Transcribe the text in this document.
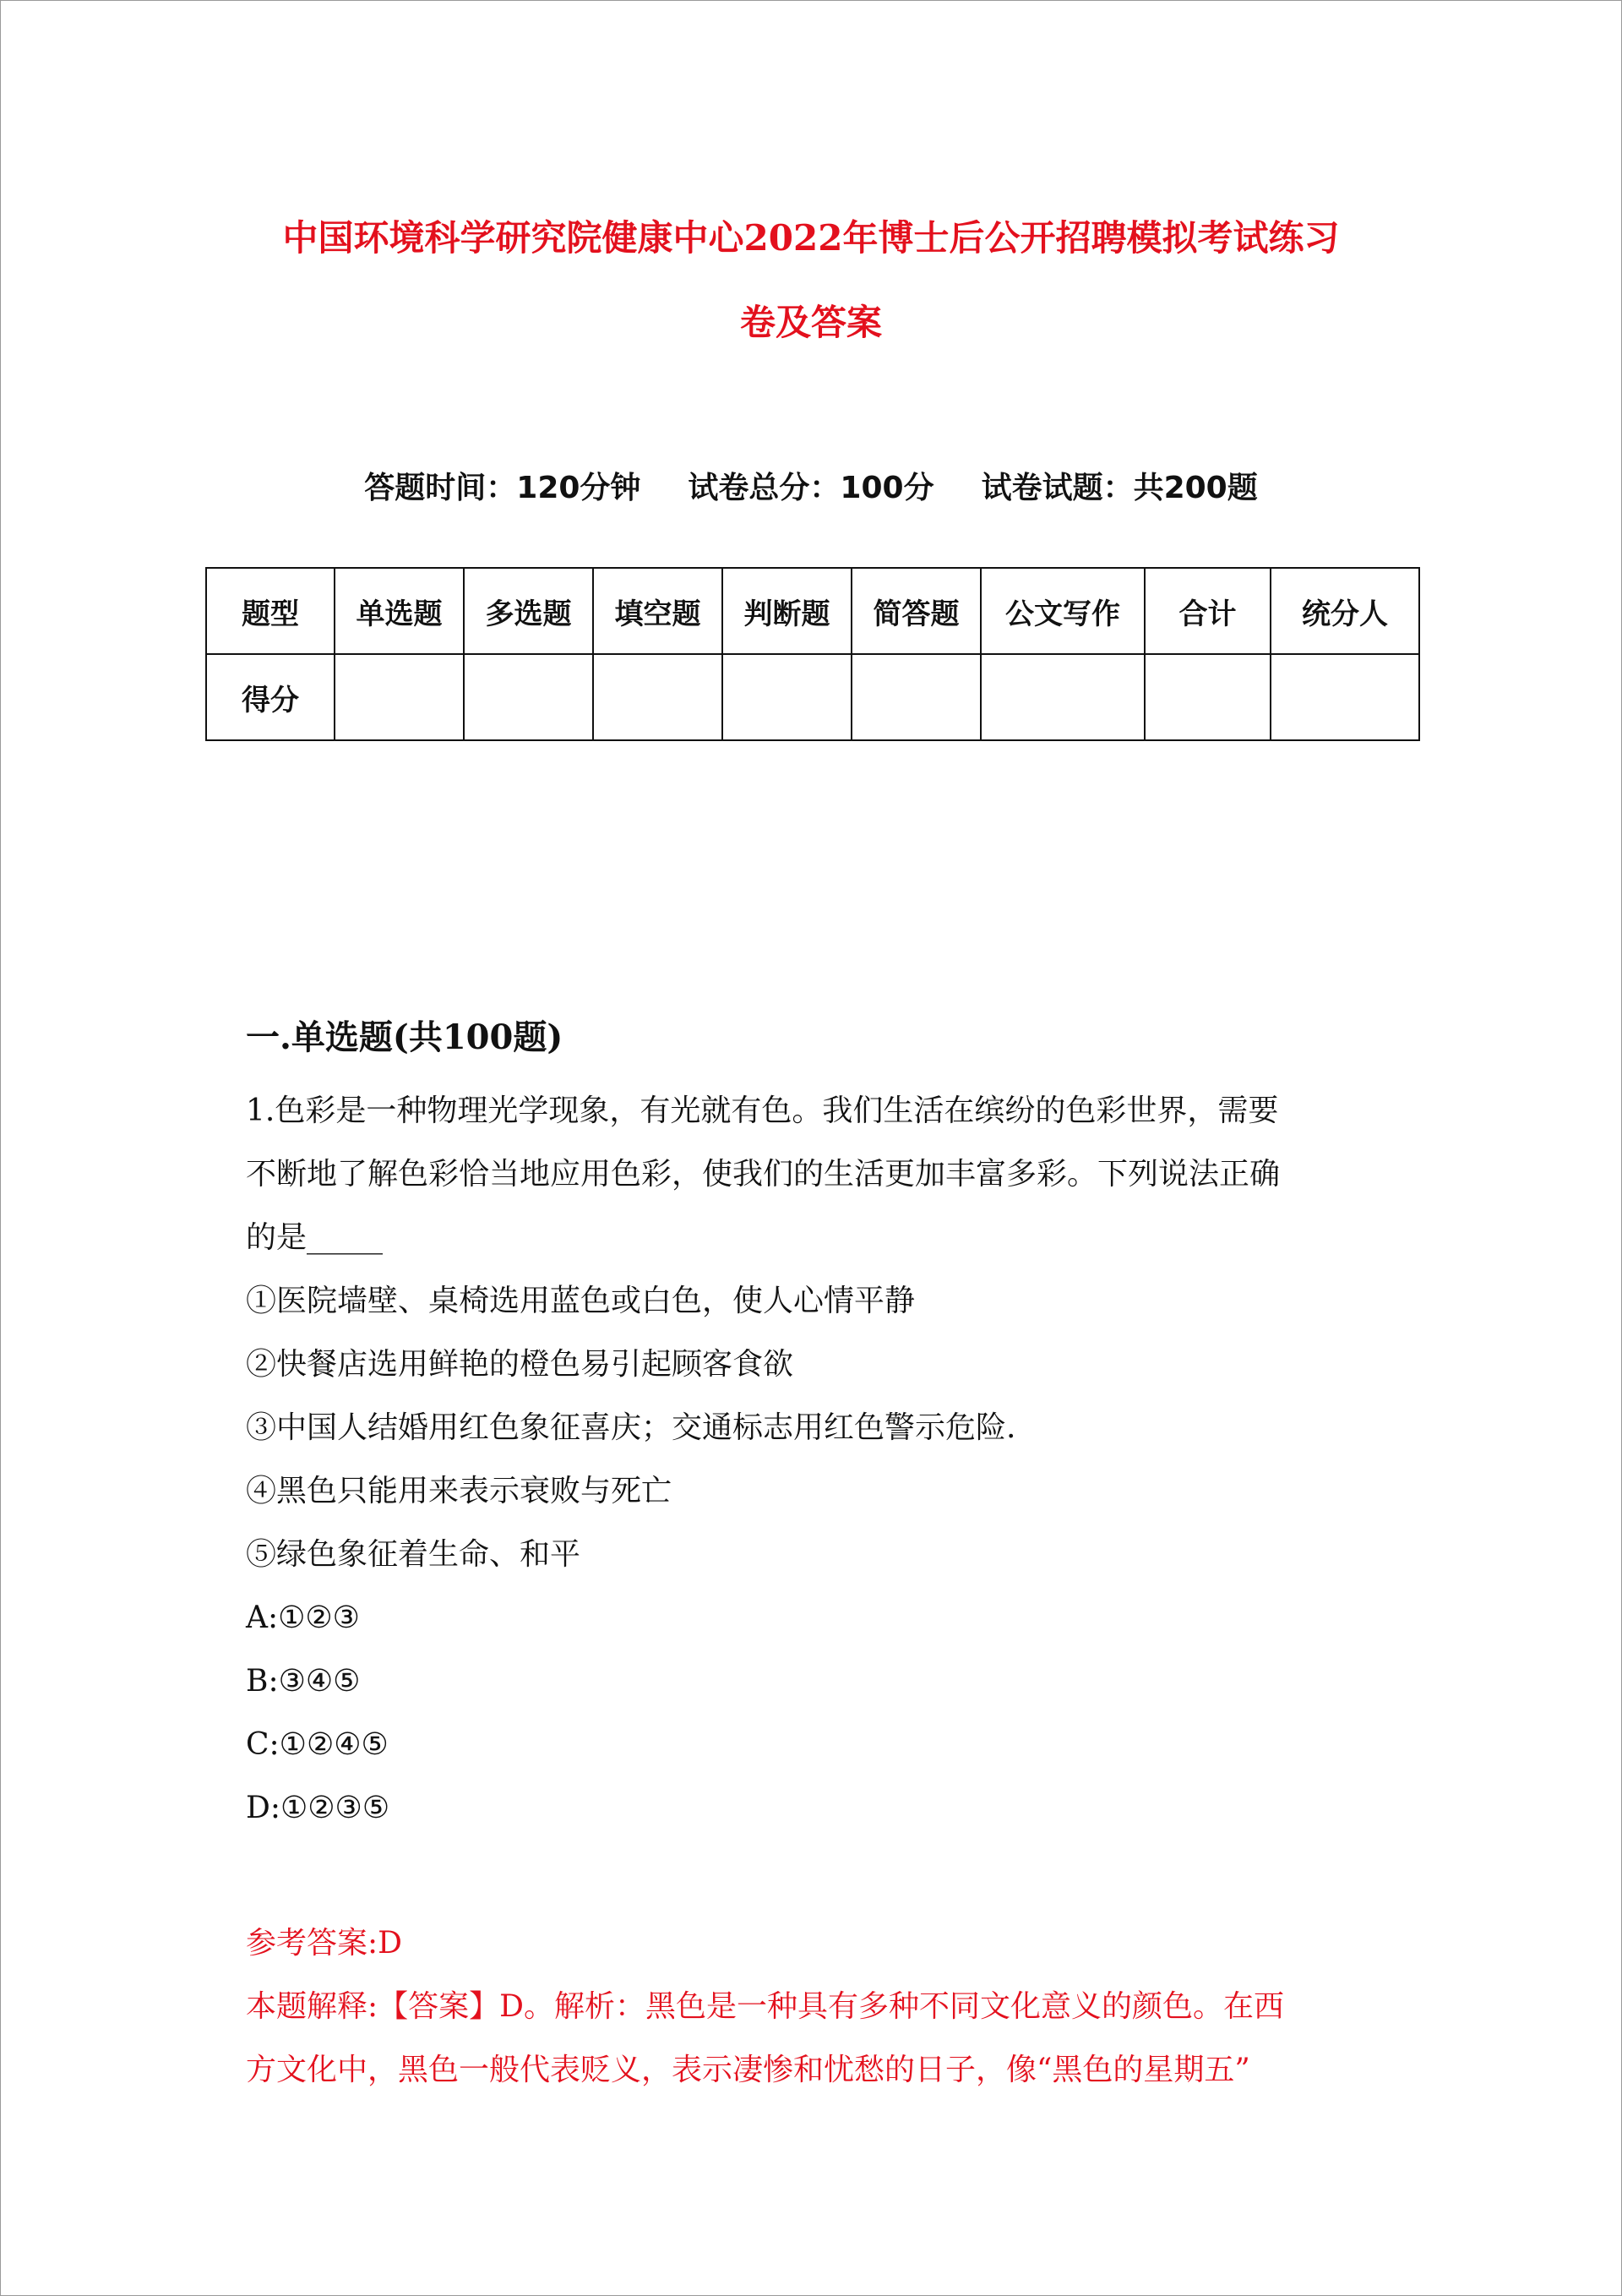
中国环境科学研究院健康中心2022年博士后公开招聘模拟考试练习
卷及答案
答题时间：120分钟 试卷总分：100分 试卷试题：共200题
题型	单选题	多选题	填空题	判断题	简答题	公文写作	合计	统分人
得分								
一.单选题(共100题)
1.色彩是一种物理光学现象，有光就有色。我们生活在缤纷的色彩世界，需要
不断地了解色彩恰当地应用色彩，使我们的生活更加丰富多彩。下列说法正确
的是_____
①医院墙壁、桌椅选用蓝色或白色，使人心情平静
②快餐店选用鲜艳的橙色易引起顾客食欲
③中国人结婚用红色象征喜庆；交通标志用红色警示危险.
④黑色只能用来表示衰败与死亡
⑤绿色象征着生命、和平
A:①②③
B:③④⑤
C:①②④⑤
D:①②③⑤
参考答案:D
本题解释:【答案】D。解析：黑色是一种具有多种不同文化意义的颜色。在西
方文化中，黑色一般代表贬义，表示凄惨和忧愁的日子，像“黑色的星期五”
